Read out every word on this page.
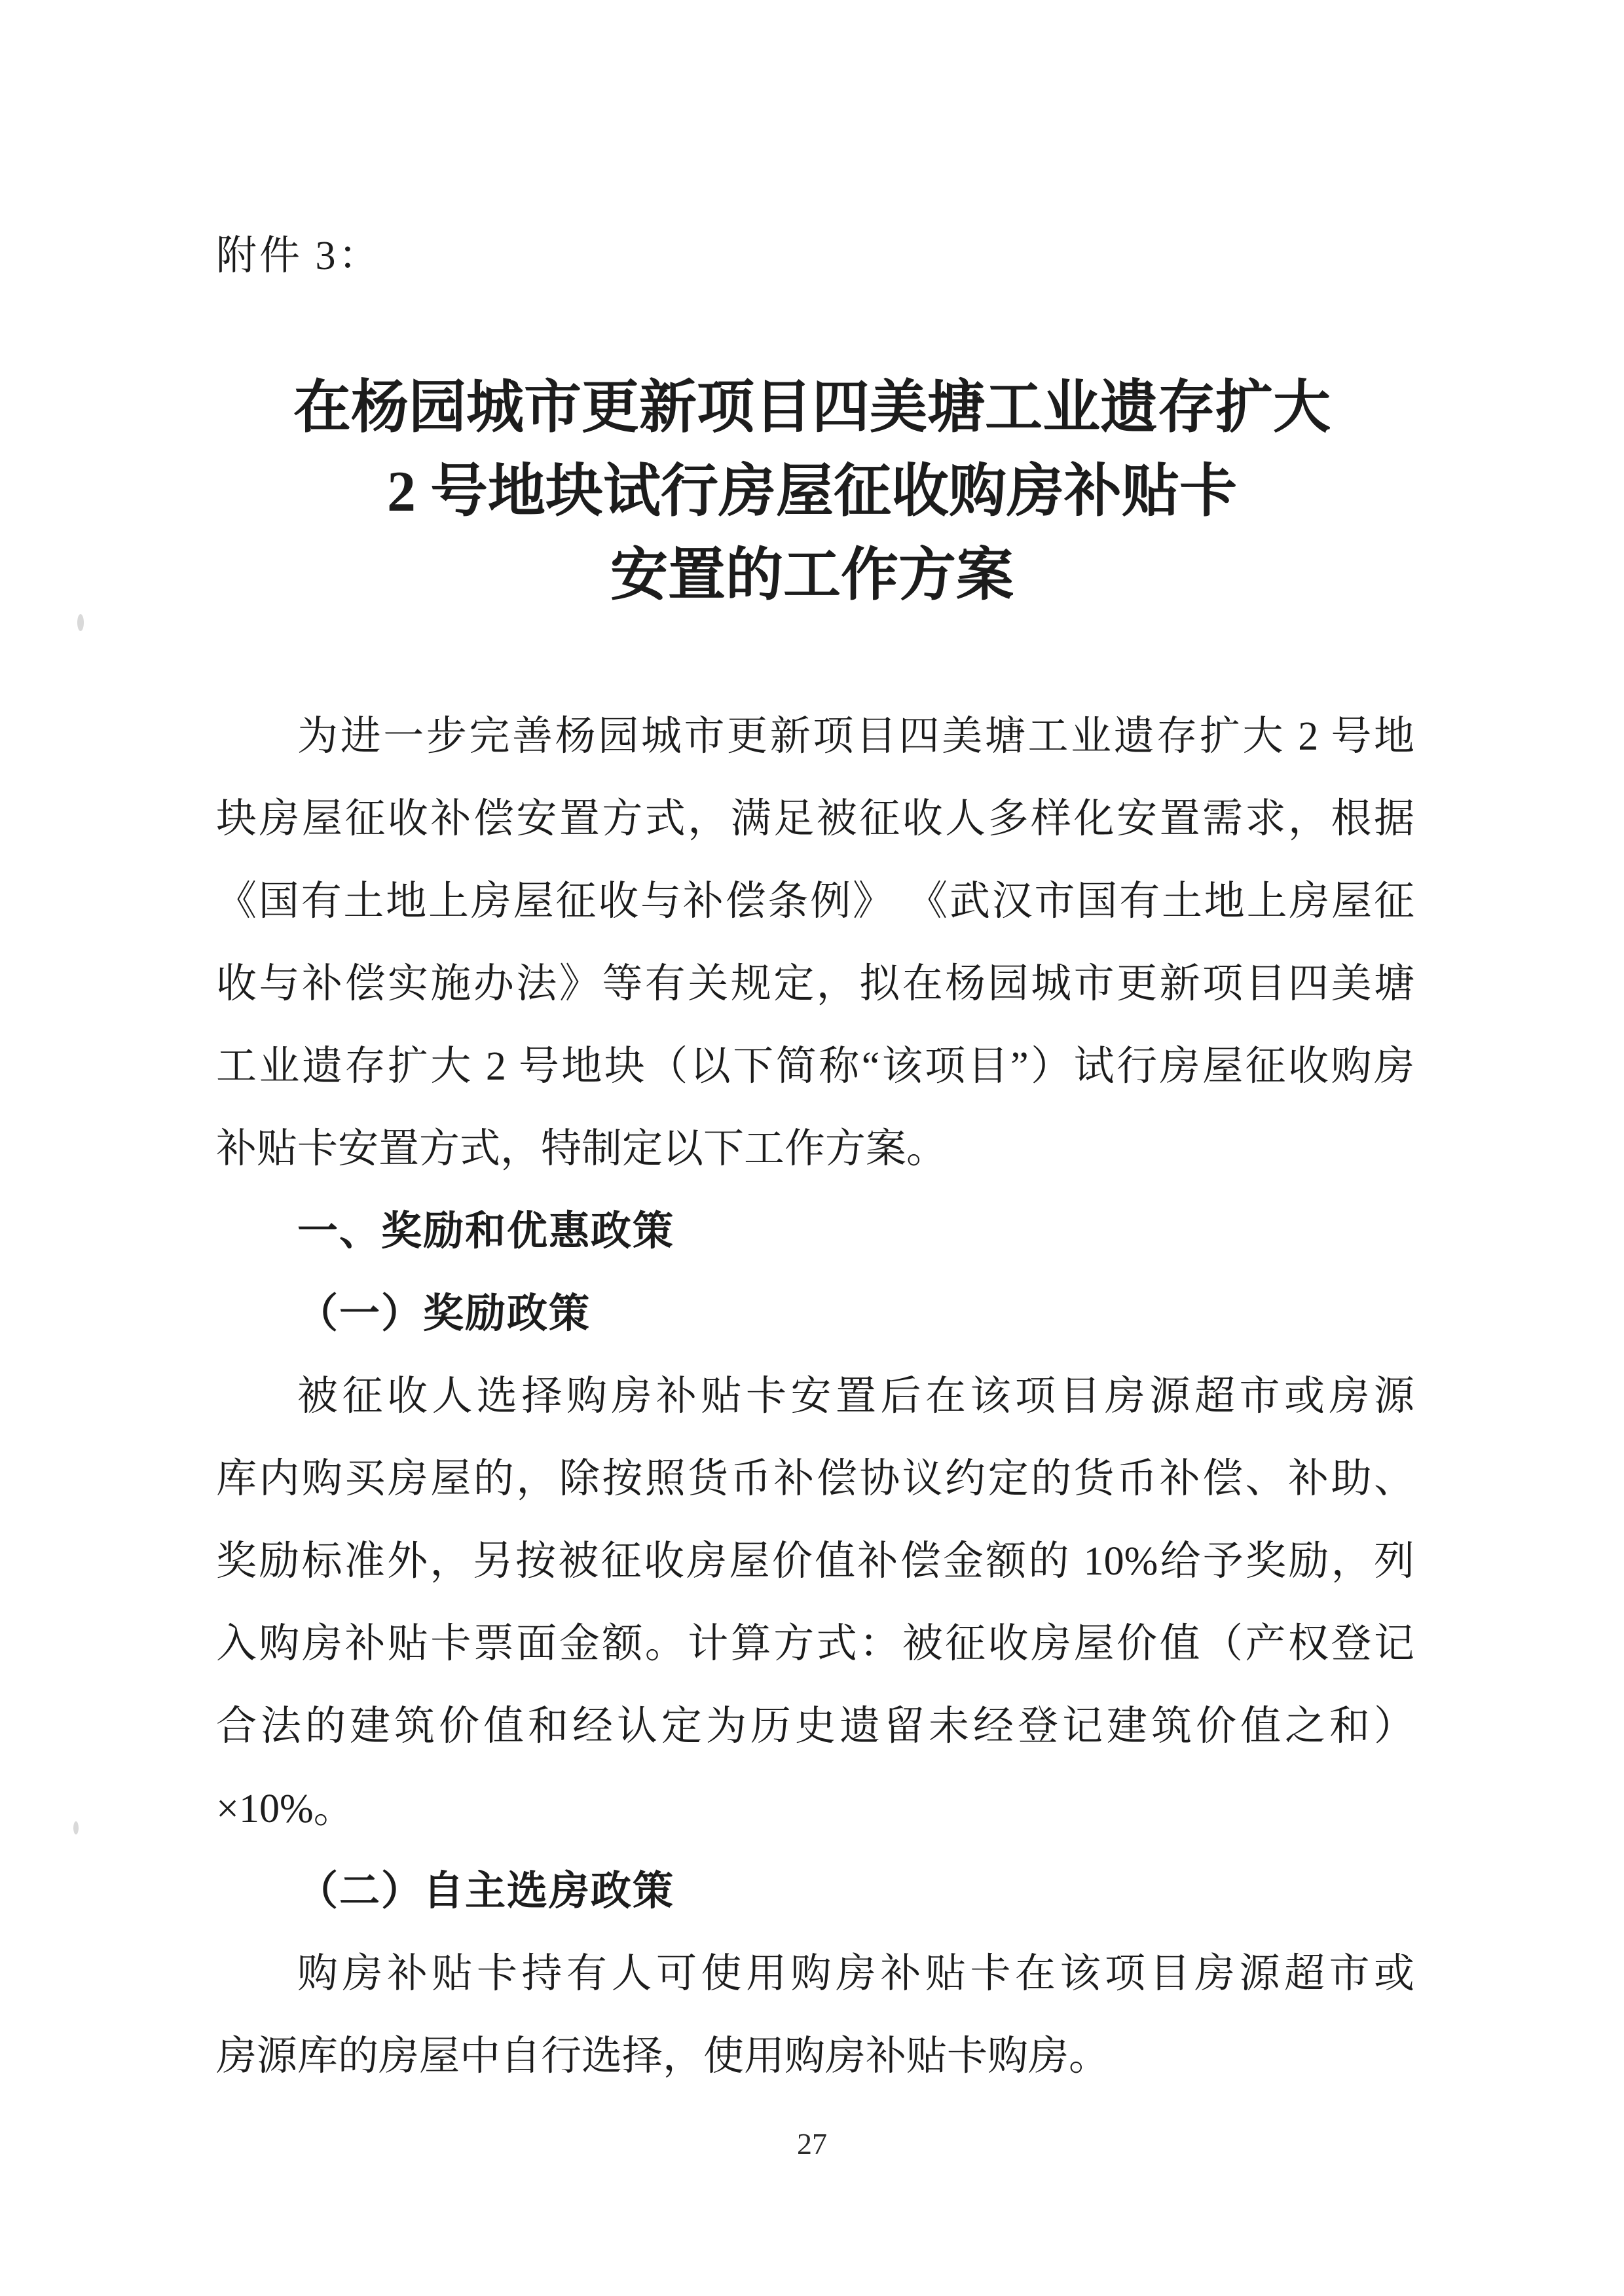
附件 3：
在杨园城市更新项目四美塘工业遗存扩大
2 号地块试行房屋征收购房补贴卡
安置的工作方案
为进一步完善杨园城市更新项目四美塘工业遗存扩大 2 号地
块房屋征收补偿安置方式，满足被征收人多样化安置需求，根据
《国有土地上房屋征收与补偿条例》 《武汉市国有土地上房屋征
收与补偿实施办法》等有关规定，拟在杨园城市更新项目四美塘
工业遗存扩大 2 号地块（以下简称“该项目”）试行房屋征收购房
补贴卡安置方式，特制定以下工作方案。
一、奖励和优惠政策
（一）奖励政策
被征收人选择购房补贴卡安置后在该项目房源超市或房源
库内购买房屋的，除按照货币补偿协议约定的货币补偿、补助、
奖励标准外，另按被征收房屋价值补偿金额的 10%给予奖励，列
入购房补贴卡票面金额。计算方式：被征收房屋价值（产权登记
合法的建筑价值和经认定为历史遗留未经登记建筑价值之和）
×10%。
（二）自主选房政策
购房补贴卡持有人可使用购房补贴卡在该项目房源超市或
房源库的房屋中自行选择，使用购房补贴卡购房。
27
